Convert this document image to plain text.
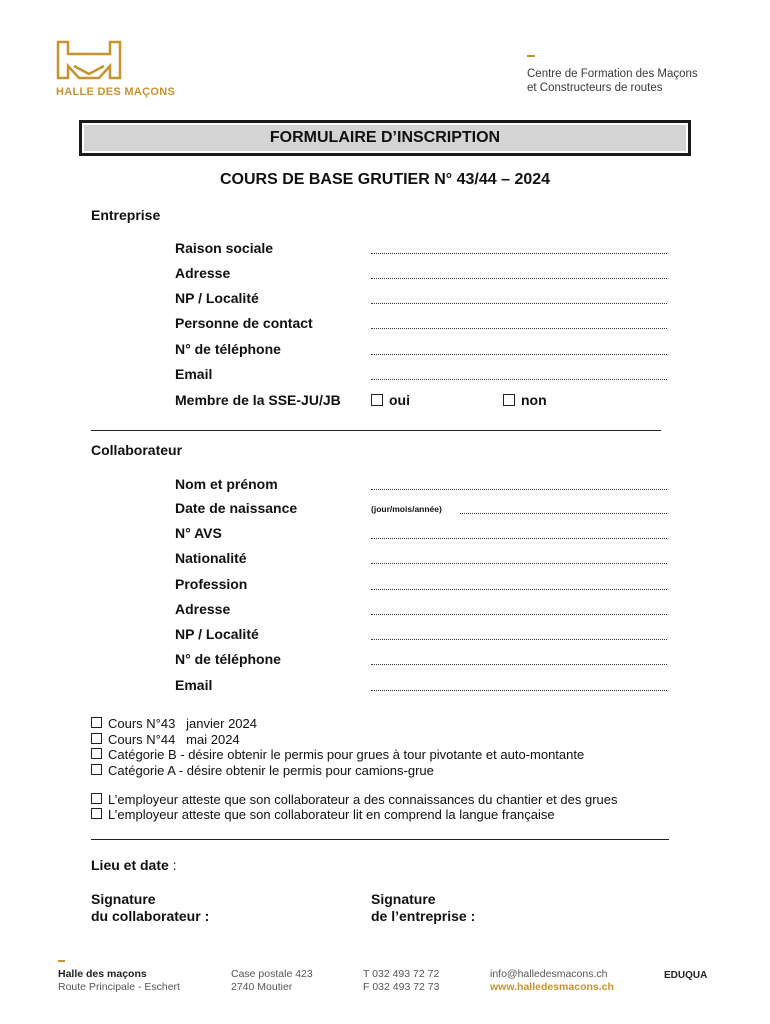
HALLE DES MAÇONS
Centre de Formation des Maçons
et Constructeurs de routes
FORMULAIRE D’INSCRIPTION
COURS DE BASE GRUTIER N° 43/44 – 2024
Entreprise
Raison sociale
Adresse
NP / Localité
Personne de contact
N° de téléphone
Email
Membre de la SSE-JU/JB	oui	non
Collaborateur
Nom et prénom
Date de naissance	(jour/mois/année)
N° AVS
Nationalité
Profession
Adresse
NP / Localité
N° de téléphone
Email
Cours N°43   janvier 2024
Cours N°44   mai 2024
Catégorie B - désire obtenir le permis pour grues à tour pivotante et auto-montante
Catégorie A - désire obtenir le permis pour camions-grue
L’employeur atteste que son collaborateur a des connaissances du chantier et des grues
L’employeur atteste que son collaborateur lit en comprend la langue française
Lieu et date :
Signature
du collaborateur :
Signature
de l’entreprise :
Halle des maçons
Route Principale - Eschert
Case postale 423
2740 Moutier
T 032 493 72 72
F 032 493 72 73
info@halledesmacons.ch
www.halledesmacons.ch
EDUQUA
